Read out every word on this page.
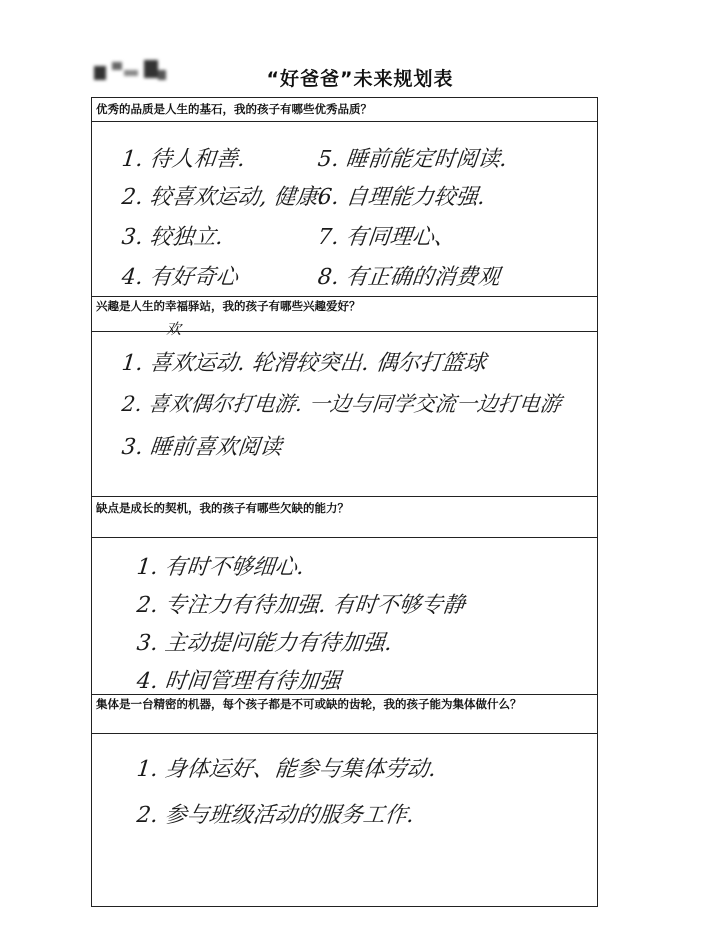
“好爸爸”未来规划表
优秀的品质是人生的基石，我的孩子有哪些优秀品质？
1. 待人和善.
2. 较喜欢运动, 健康.
3. 较独立.
4. 有好奇心
5. 睡前能定时阅读.
6. 自理能力较强.
7. 有同理心、
8. 有正确的消费观
兴趣是人生的幸福驿站，我的孩子有哪些兴趣爱好？
欢
1. 喜欢运动. 轮滑较突出. 偶尔打篮球
2. 喜欢偶尔打电游. 一边与同学交流一边打电游
3. 睡前喜欢阅读
缺点是成长的契机，我的孩子有哪些欠缺的能力？
1. 有时不够细心.
2. 专注力有待加强. 有时不够专静
3. 主动提问能力有待加强.
4. 时间管理有待加强
集体是一台精密的机器，每个孩子都是不可或缺的齿轮，我的孩子能为集体做什么？
1. 身体运好、能参与集体劳动.
2. 参与班级活动的服务工作.
